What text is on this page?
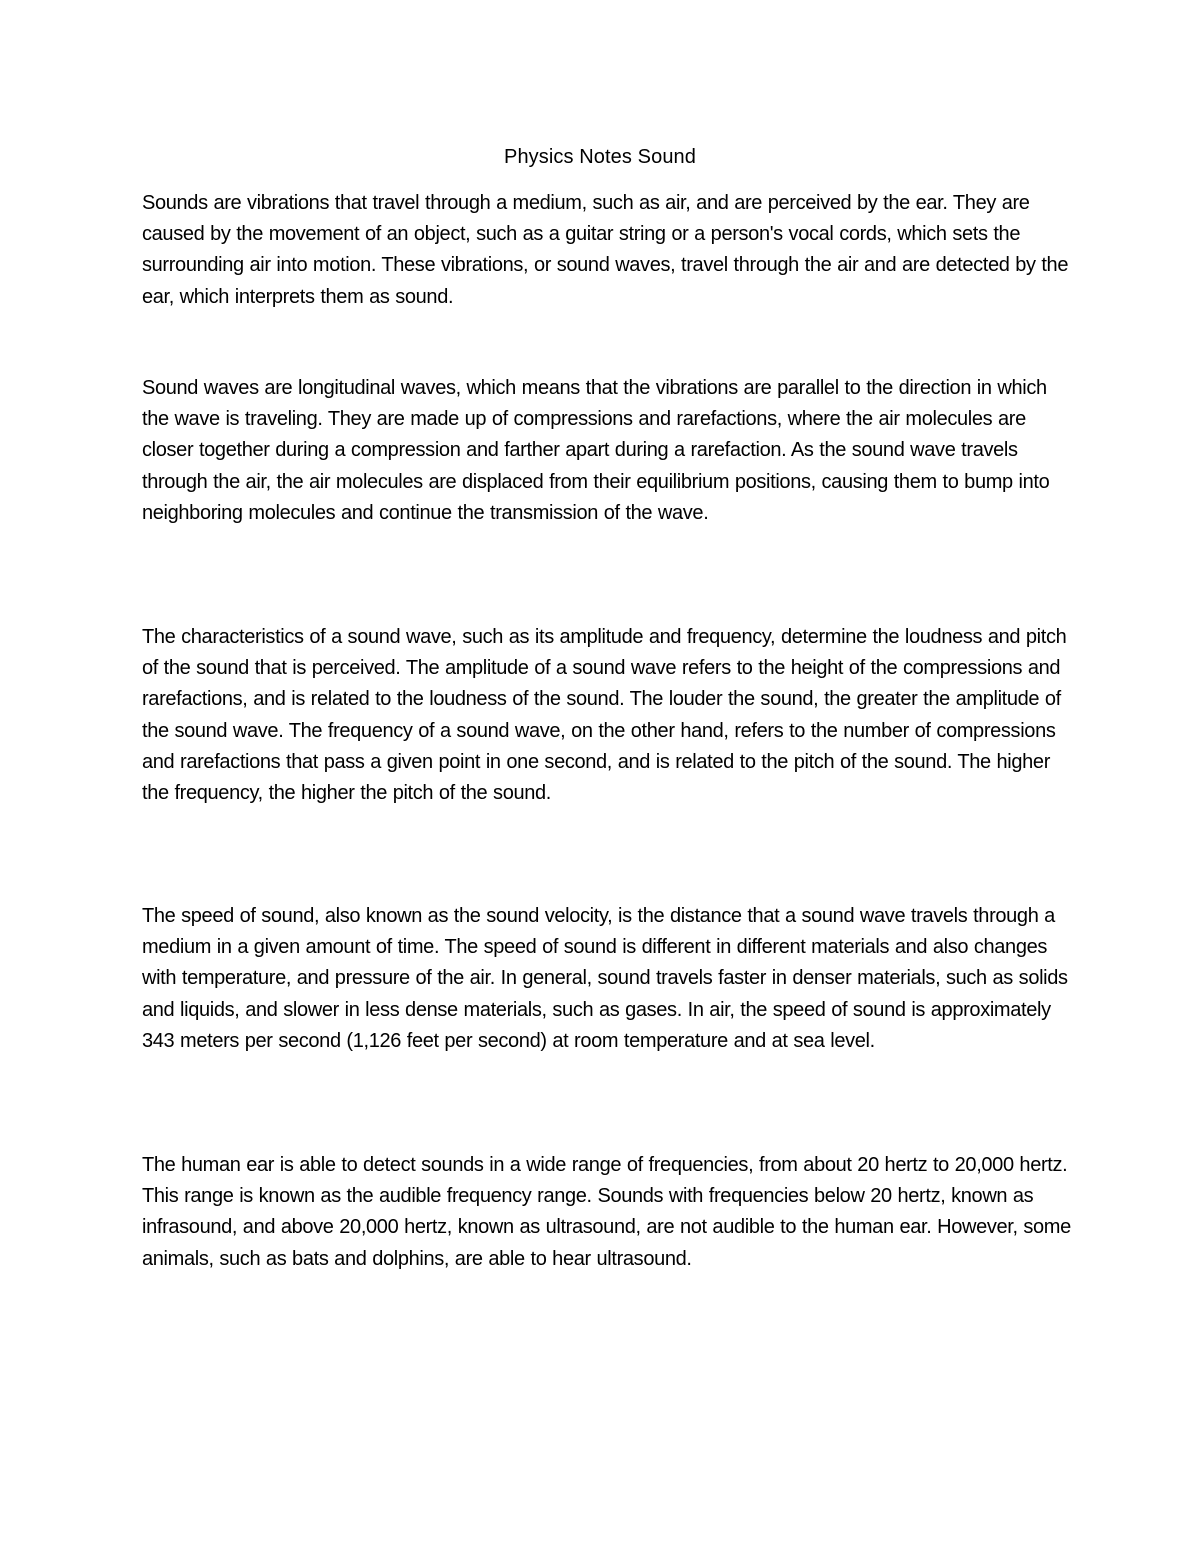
Physics Notes Sound

Sounds are vibrations that travel through a medium, such as air, and are perceived by the ear. They are caused by the movement of an object, such as a guitar string or a person's vocal cords, which sets the surrounding air into motion. These vibrations, or sound waves, travel through the air and are detected by the ear, which interprets them as sound.

Sound waves are longitudinal waves, which means that the vibrations are parallel to the direction in which the wave is traveling. They are made up of compressions and rarefactions, where the air molecules are closer together during a compression and farther apart during a rarefaction. As the sound wave travels through the air, the air molecules are displaced from their equilibrium positions, causing them to bump into neighboring molecules and continue the transmission of the wave.

The characteristics of a sound wave, such as its amplitude and frequency, determine the loudness and pitch of the sound that is perceived. The amplitude of a sound wave refers to the height of the compressions and rarefactions, and is related to the loudness of the sound. The louder the sound, the greater the amplitude of the sound wave. The frequency of a sound wave, on the other hand, refers to the number of compressions and rarefactions that pass a given point in one second, and is related to the pitch of the sound. The higher the frequency, the higher the pitch of the sound.

The speed of sound, also known as the sound velocity, is the distance that a sound wave travels through a medium in a given amount of time. The speed of sound is different in different materials and also changes with temperature, and pressure of the air. In general, sound travels faster in denser materials, such as solids and liquids, and slower in less dense materials, such as gases. In air, the speed of sound is approximately 343 meters per second (1,126 feet per second) at room temperature and at sea level.

The human ear is able to detect sounds in a wide range of frequencies, from about 20 hertz to 20,000 hertz. This range is known as the audible frequency range. Sounds with frequencies below 20 hertz, known as infrasound, and above 20,000 hertz, known as ultrasound, are not audible to the human ear. However, some animals, such as bats and dolphins, are able to hear ultrasound.
